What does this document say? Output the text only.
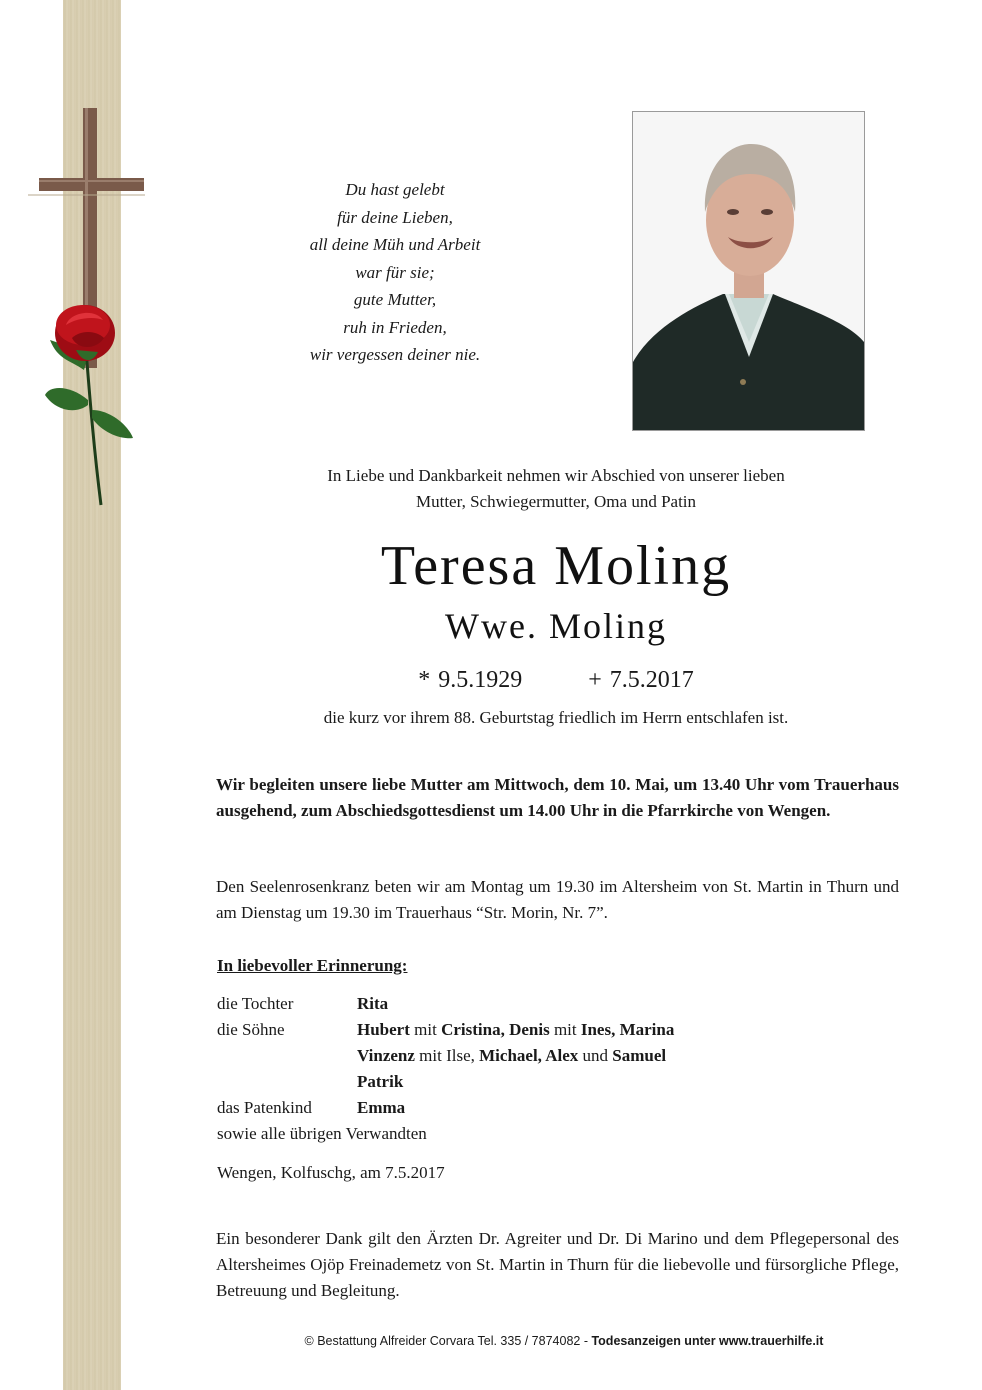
Du hast gelebt
für deine Lieben,
all deine Müh und Arbeit
war für sie;
gute Mutter,
ruh in Frieden,
wir vergessen deiner nie.
In Liebe und Dankbarkeit nehmen wir Abschied von unserer lieben
Mutter, Schwiegermutter, Oma und Patin
Teresa Moling
Wwe. Moling
* 9.5.1929	+ 7.5.2017
die kurz vor ihrem 88. Geburtstag friedlich im Herrn entschlafen ist.
Wir begleiten unsere liebe Mutter am Mittwoch, dem 10. Mai, um 13.40 Uhr vom Trauerhaus ausgehend, zum Abschiedsgottesdienst um 14.00 Uhr in die Pfarrkirche von Wengen.
Den Seelenrosenkranz beten wir am Montag um 19.30 im Altersheim von St. Martin in Thurn und am Dienstag um 19.30 im Trauerhaus “Str. Morin, Nr. 7”.
In liebevoller Erinnerung:
die Tochter	Rita
die Söhne	Hubert mit Cristina, Denis mit Ines, Marina
Vinzenz mit Ilse, Michael, Alex und Samuel
Patrik
das Patenkind	Emma
sowie alle übrigen Verwandten
Wengen, Kolfuschg, am 7.5.2017
Ein besonderer Dank gilt den Ärzten Dr. Agreiter und Dr. Di Marino und dem Pflegepersonal des Altersheimes Ojöp Freinademetz von St. Martin in Thurn für die liebevolle und fürsorgliche Pflege, Betreuung und Begleitung.
© Bestattung Alfreider Corvara Tel. 335 / 7874082 - Todesanzeigen unter www.trauerhilfe.it
